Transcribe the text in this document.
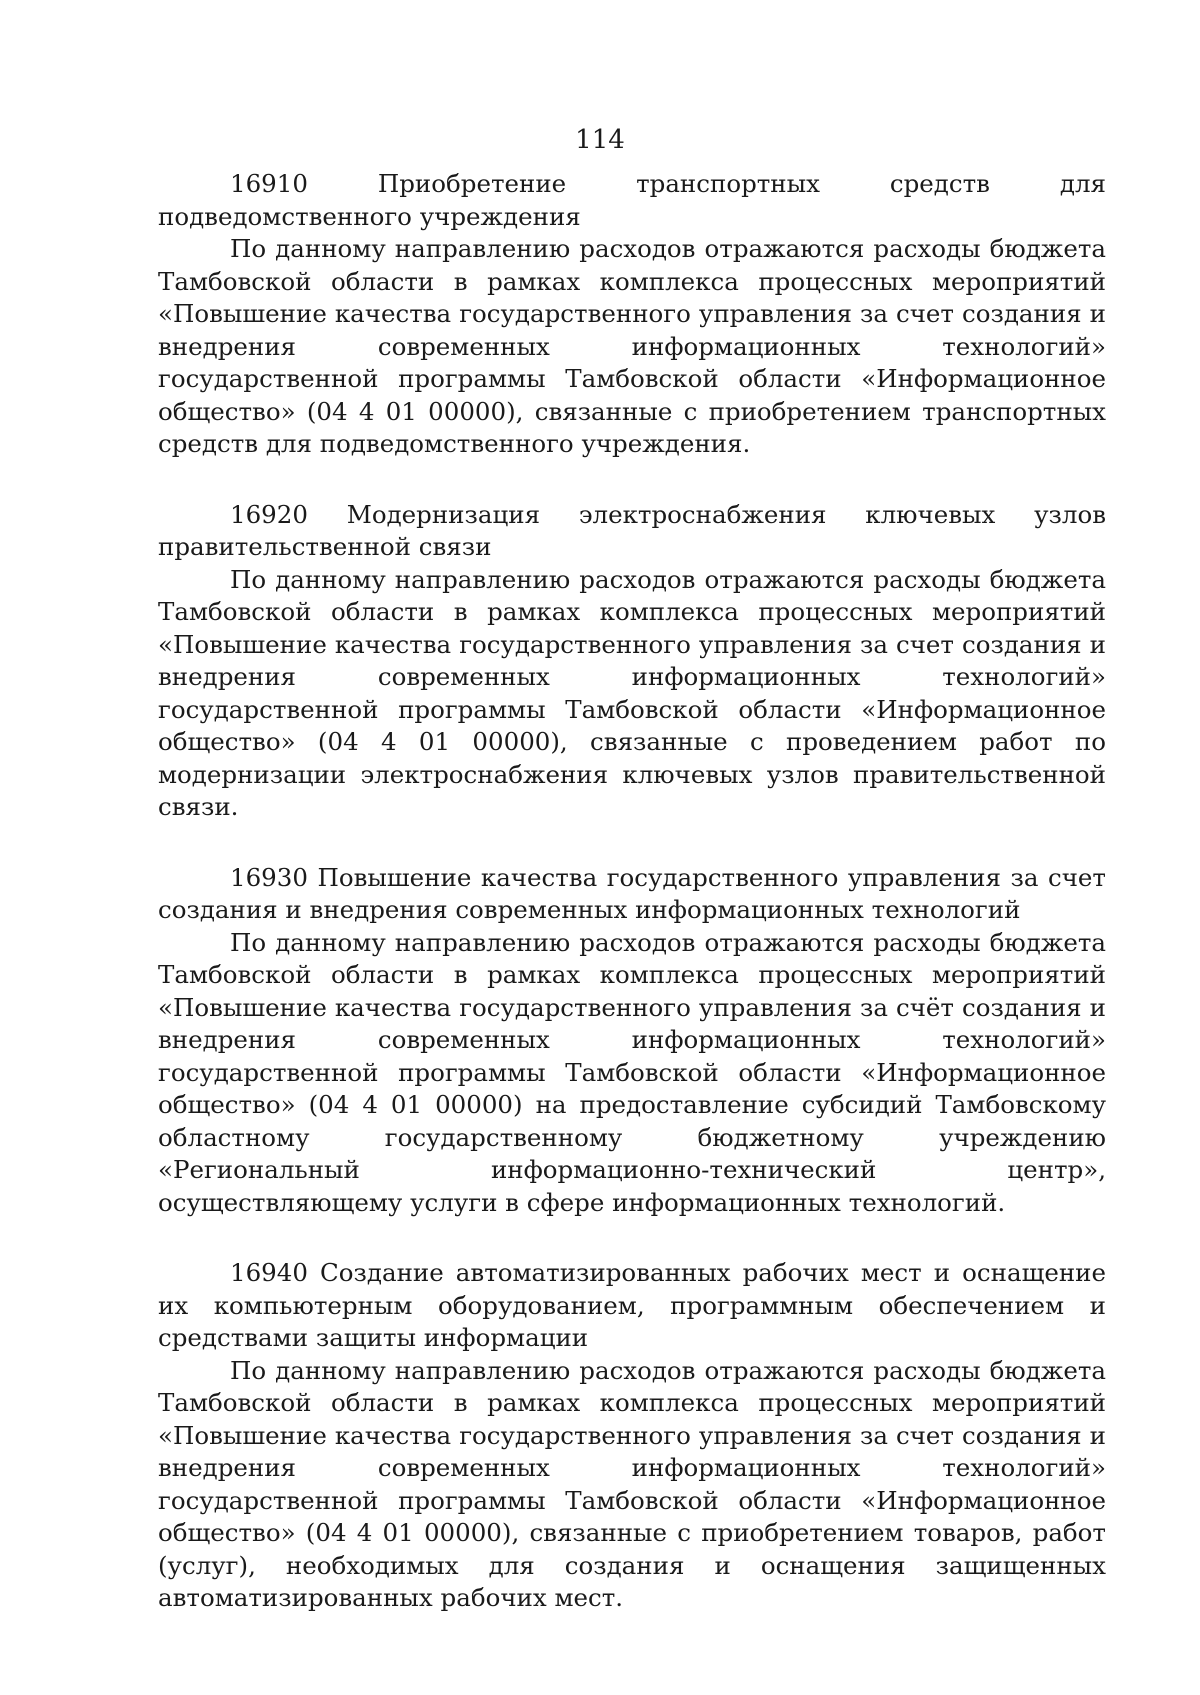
114

16910 Приобретение транспортных средств для подведомственного учреждения

По данному направлению расходов отражаются расходы бюджета Тамбовской области в рамках комплекса процессных мероприятий «Повышение качества государственного управления за счет создания и внедрения современных информационных технологий» государственной программы Тамбовской области «Информационное общество» (04 4 01 00000), связанные с приобретением транспортных средств для подведомственного учреждения.

16920 Модернизация электроснабжения ключевых узлов правительственной связи

По данному направлению расходов отражаются расходы бюджета Тамбовской области в рамках комплекса процессных мероприятий «Повышение качества государственного управления за счет создания и внедрения современных информационных технологий» государственной программы Тамбовской области «Информационное общество» (04 4 01 00000), связанные с проведением работ по модернизации электроснабжения ключевых узлов правительственной связи.

16930 Повышение качества государственного управления за счет создания и внедрения современных информационных технологий

По данному направлению расходов отражаются расходы бюджета Тамбовской области в рамках комплекса процессных мероприятий «Повышение качества государственного управления за счёт создания и внедрения современных информационных технологий» государственной программы Тамбовской области «Информационное общество» (04 4 01 00000) на предоставление субсидий Тамбовскому областному государственному бюджетному учреждению «Региональный информационно-технический центр», осуществляющему услуги в сфере информационных технологий.

16940 Создание автоматизированных рабочих мест и оснащение их компьютерным оборудованием, программным обеспечением и средствами защиты информации

По данному направлению расходов отражаются расходы бюджета Тамбовской области в рамках комплекса процессных мероприятий «Повышение качества государственного управления за счет создания и внедрения современных информационных технологий» государственной программы Тамбовской области «Информационное общество» (04 4 01 00000), связанные с приобретением товаров, работ (услуг), необходимых для создания и оснащения защищенных автоматизированных рабочих мест.
